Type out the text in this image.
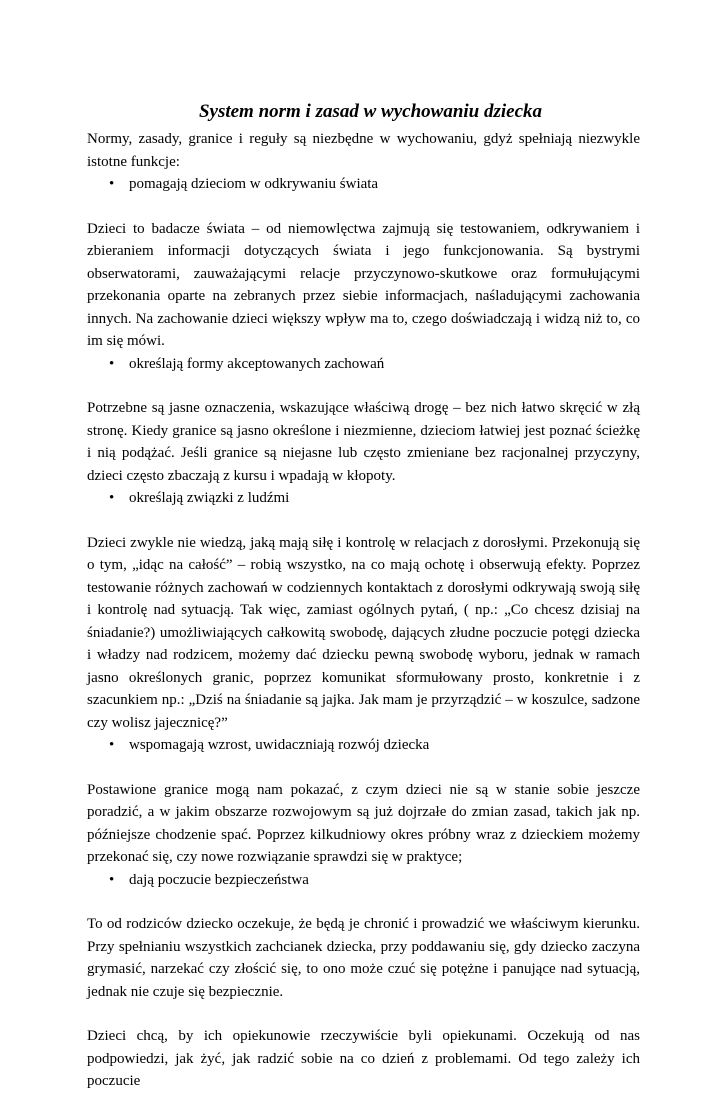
System norm i zasad w wychowaniu dziecka

Normy, zasady, granice i reguły są niezbędne w wychowaniu, gdyż spełniają niezwykle istotne funkcje:

• pomagają dzieciom w odkrywaniu świata

Dzieci to badacze świata – od niemowlęctwa zajmują się testowaniem, odkrywaniem i zbieraniem informacji dotyczących świata i jego funkcjonowania. Są bystrymi obserwatorami, zauważającymi relacje przyczynowo-skutkowe oraz formułującymi przekonania oparte na zebranych przez siebie informacjach, naśladującymi zachowania innych. Na zachowanie dzieci większy wpływ ma to, czego doświadczają i widzą niż to, co im się mówi.

• określają formy akceptowanych zachowań

Potrzebne są jasne oznaczenia, wskazujące właściwą drogę – bez nich łatwo skręcić w złą stronę. Kiedy granice są jasno określone i niezmienne, dzieciom łatwiej jest poznać ścieżkę i nią podążać. Jeśli granice są niejasne lub często zmieniane bez racjonalnej przyczyny, dzieci często zbaczają z kursu i wpadają w kłopoty.

• określają związki z ludźmi

Dzieci zwykle nie wiedzą, jaką mają siłę i kontrolę w relacjach z dorosłymi. Przekonują się o tym, „idąc na całość” – robią wszystko, na co mają ochotę i obserwują efekty. Poprzez testowanie różnych zachowań w codziennych kontaktach z dorosłymi odkrywają swoją siłę i kontrolę nad sytuacją. Tak więc, zamiast ogólnych pytań, ( np.: „Co chcesz dzisiaj na śniadanie?) umożliwiających całkowitą swobodę, dających złudne poczucie potęgi dziecka i władzy nad rodzicem, możemy dać dziecku pewną swobodę wyboru, jednak w ramach jasno określonych granic, poprzez komunikat sformułowany prosto, konkretnie i z szacunkiem np.: „Dziś na śniadanie są jajka. Jak mam je przyrządzić – w koszulce, sadzone czy wolisz jajecznicę?”

• wspomagają wzrost, uwidaczniają rozwój dziecka

Postawione granice mogą nam pokazać, z czym dzieci nie są w stanie sobie jeszcze poradzić, a w jakim obszarze rozwojowym są już dojrzałe do zmian zasad, takich jak np. późniejsze chodzenie spać. Poprzez kilkudniowy okres próbny wraz z dzieckiem możemy przekonać się, czy nowe rozwiązanie sprawdzi się w praktyce;

• dają poczucie bezpieczeństwa

To od rodziców dziecko oczekuje, że będą je chronić i prowadzić we właściwym kierunku. Przy spełnianiu wszystkich zachcianek dziecka, przy poddawaniu się, gdy dziecko zaczyna grymasić, narzekać czy złościć się, to ono może czuć się potężne i panujące nad sytuacją, jednak nie czuje się bezpiecznie.

Dzieci chcą, by ich opiekunowie rzeczywiście byli opiekunami. Oczekują od nas podpowiedzi, jak żyć, jak radzić sobie na co dzień z problemami. Od tego zależy ich poczucie
